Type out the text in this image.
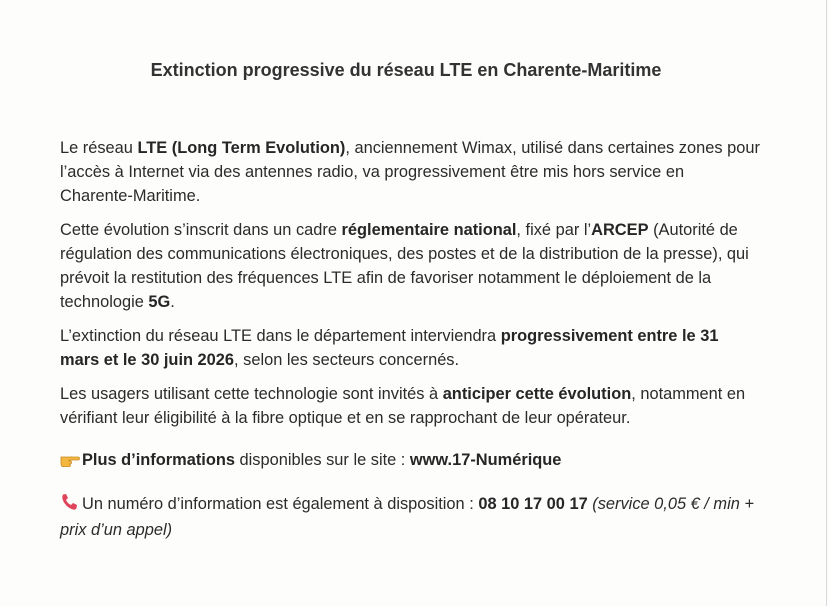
Extinction progressive du réseau LTE en Charente-Maritime

Le réseau LTE (Long Term Evolution), anciennement Wimax, utilisé dans certaines zones pour l’accès à Internet via des antennes radio, va progressivement être mis hors service en Charente-Maritime.

Cette évolution s’inscrit dans un cadre réglementaire national, fixé par l’ARCEP (Autorité de régulation des communications électroniques, des postes et de la distribution de la presse), qui prévoit la restitution des fréquences LTE afin de favoriser notamment le déploiement de la technologie 5G.

L’extinction du réseau LTE dans le département interviendra progressivement entre le 31 mars et le 30 juin 2026, selon les secteurs concernés.

Les usagers utilisant cette technologie sont invités à anticiper cette évolution, notamment en vérifiant leur éligibilité à la fibre optique et en se rapprochant de leur opérateur.

Plus d’informations disponibles sur le site : www.17-Numérique

Un numéro d’information est également à disposition : 08 10 17 00 17 (service 0,05 € / min + prix d’un appel)
